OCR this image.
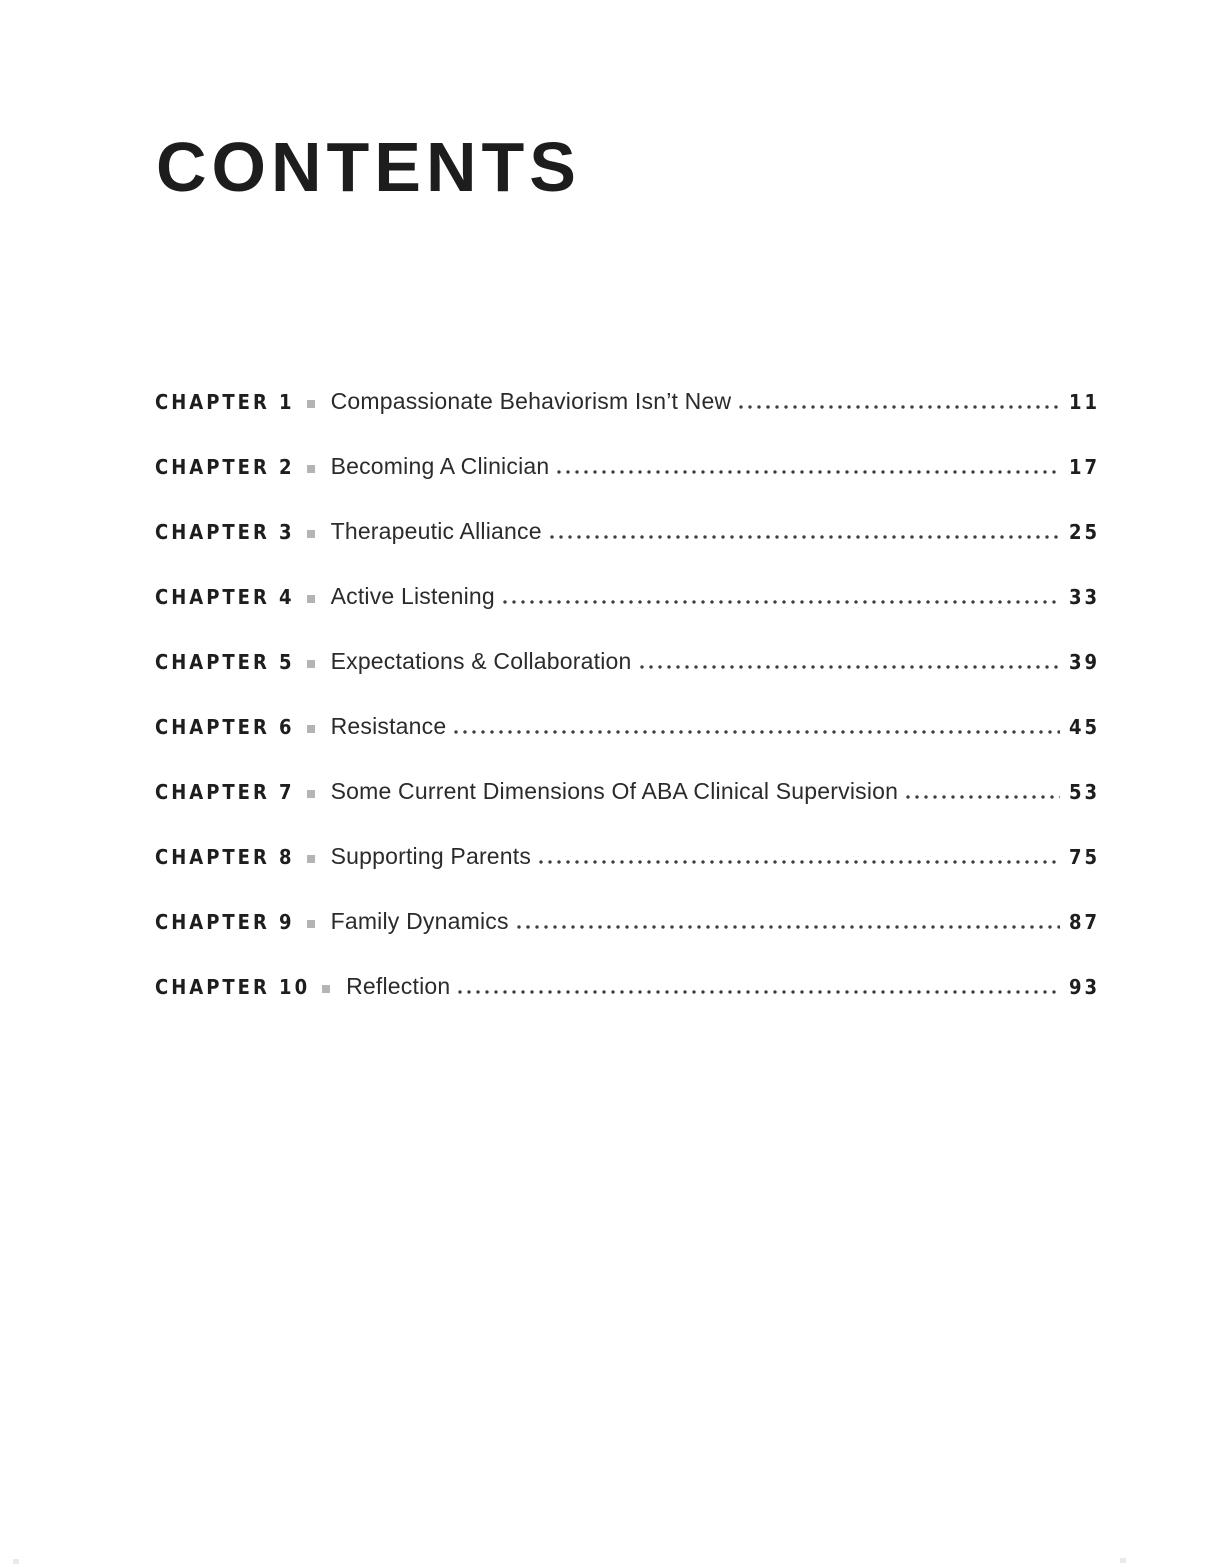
CONTENTS
CHAPTER 1 Compassionate Behaviorism Isn’t New	11
CHAPTER 2 Becoming A Clinician	17
CHAPTER 3 Therapeutic Alliance	25
CHAPTER 4 Active Listening	33
CHAPTER 5 Expectations & Collaboration	39
CHAPTER 6 Resistance	45
CHAPTER 7 Some Current Dimensions Of ABA Clinical Supervision	53
CHAPTER 8 Supporting Parents	75
CHAPTER 9 Family Dynamics	87
CHAPTER 10 Reflection	93
